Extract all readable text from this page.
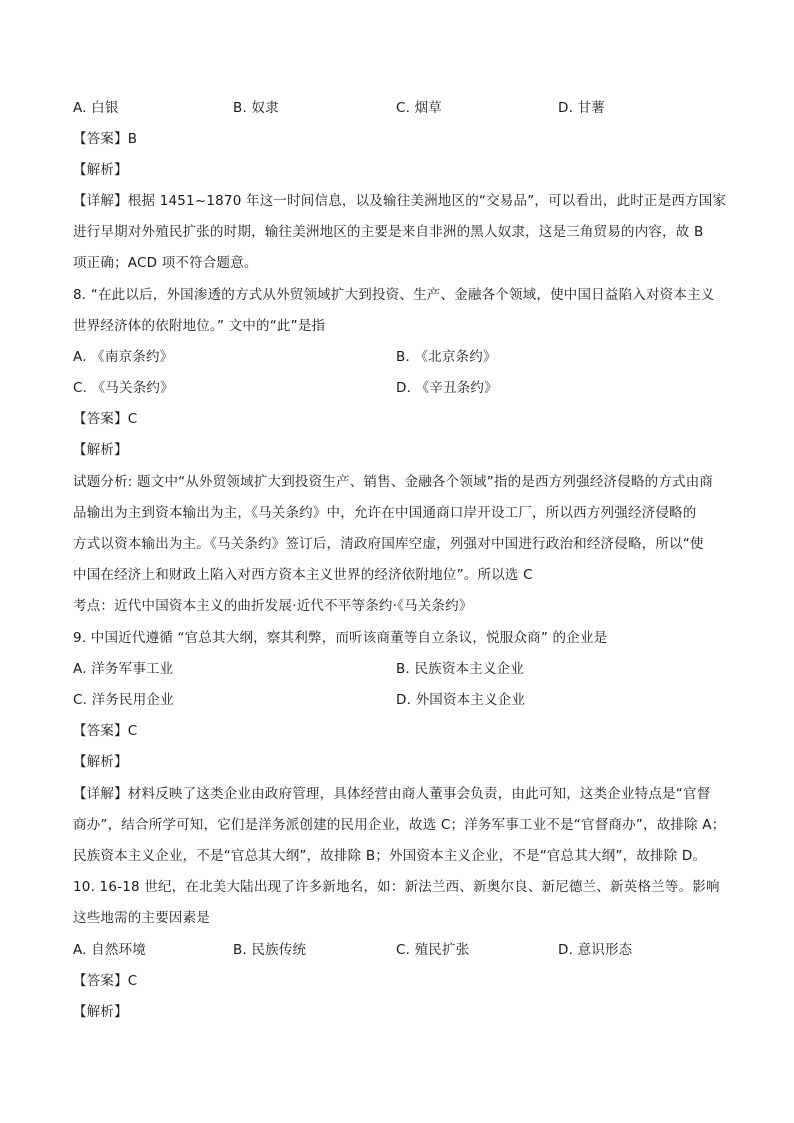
A. 白银	B. 奴隶	C. 烟草	D. 甘薯
【答案】B
【解析】
【详解】根据 1451~1870 年这一时间信息，以及输往美洲地区的“交易品”，可以看出，此时正是西方国家
进行早期对外殖民扩张的时期，输往美洲地区的主要是来自非洲的黑人奴隶，这是三角贸易的内容，故 B
项正确；ACD 项不符合题意。
8. “在此以后，外国渗透的方式从外贸领域扩大到投资、生产、金融各个领域，使中国日益陷入对资本主义
世界经济体的依附地位。” 文中的“此”是指
A. 《南京条约》	B. 《北京条约》
C. 《马关条约》	D. 《辛丑条约》
【答案】C
【解析】
试题分析: 题文中“从外贸领域扩大到投资生产、销售、金融各个领域”指的是西方列强经济侵略的方式由商
品输出为主到资本输出为主，《马关条约》中，允许在中国通商口岸开设工厂，所以西方列强经济侵略的
方式以资本输出为主。《马关条约》签订后，清政府国库空虚，列强对中国进行政治和经济侵略，所以“使
中国在经济上和财政上陷入对西方资本主义世界的经济依附地位”。所以选 C
考点：近代中国资本主义的曲折发展·近代不平等条约·《马关条约》
9. 中国近代遵循 “官总其大纲，察其利弊，而听该商董等自立条议，悦服众商” 的企业是
A. 洋务军事工业	B. 民族资本主义企业
C. 洋务民用企业	D. 外国资本主义企业
【答案】C
【解析】
【详解】材料反映了这类企业由政府管理，具体经营由商人董事会负责，由此可知，这类企业特点是“官督
商办”，结合所学可知，它们是洋务派创建的民用企业，故选 C；洋务军事工业不是“官督商办”，故排除 A；
民族资本主义企业，不是“官总其大纲”，故排除 B；外国资本主义企业，不是“官总其大纲”，故排除 D。
10. 16-18 世纪，在北美大陆出现了许多新地名，如：新法兰西、新奥尔良、新尼德兰、新英格兰等。影响
这些地需的主要因素是
A. 自然环境	B. 民族传统	C. 殖民扩张	D. 意识形态
【答案】C
【解析】
